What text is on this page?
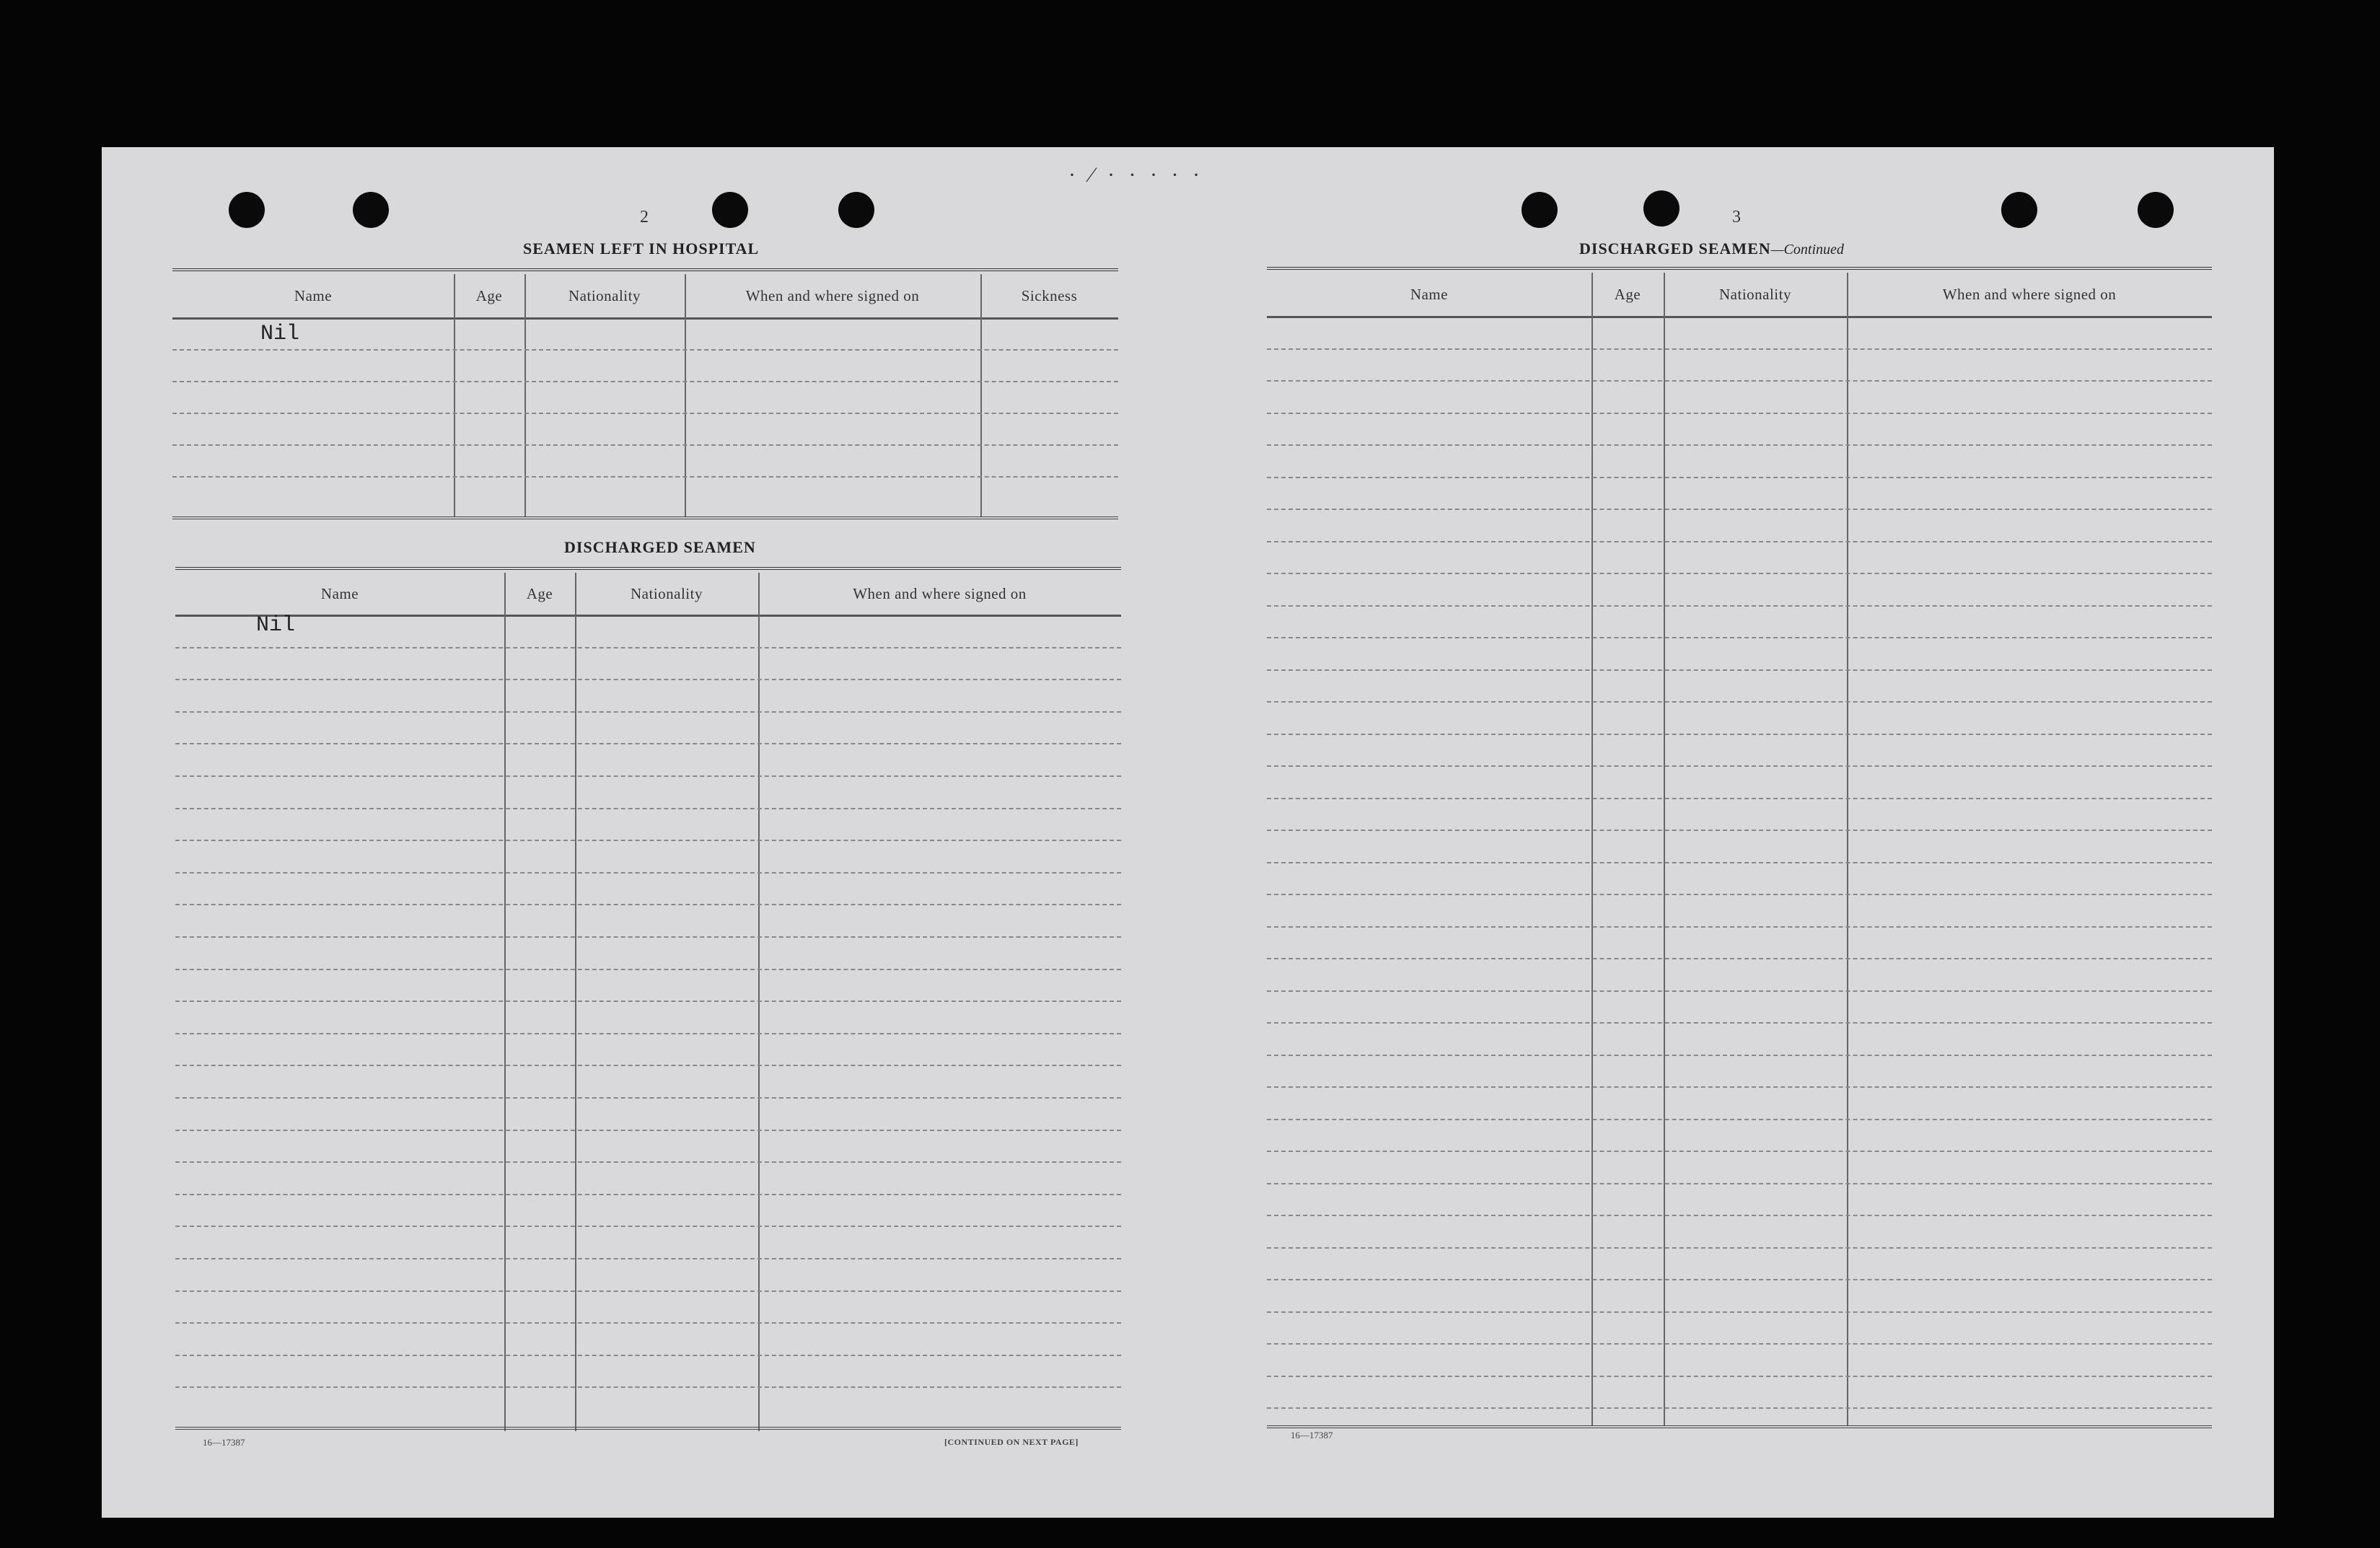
· ⁄ · · · · ·
2
SEAMEN LEFT IN HOSPITAL
Name	Age	Nationality	When and where signed on	Sickness
Nil
DISCHARGED SEAMEN
Name	Age	Nationality	When and where signed on
Nil
16—17387	[CONTINUED ON NEXT PAGE]
3
DISCHARGED SEAMEN—Continued
Name	Age	Nationality	When and where signed on
16—17387
